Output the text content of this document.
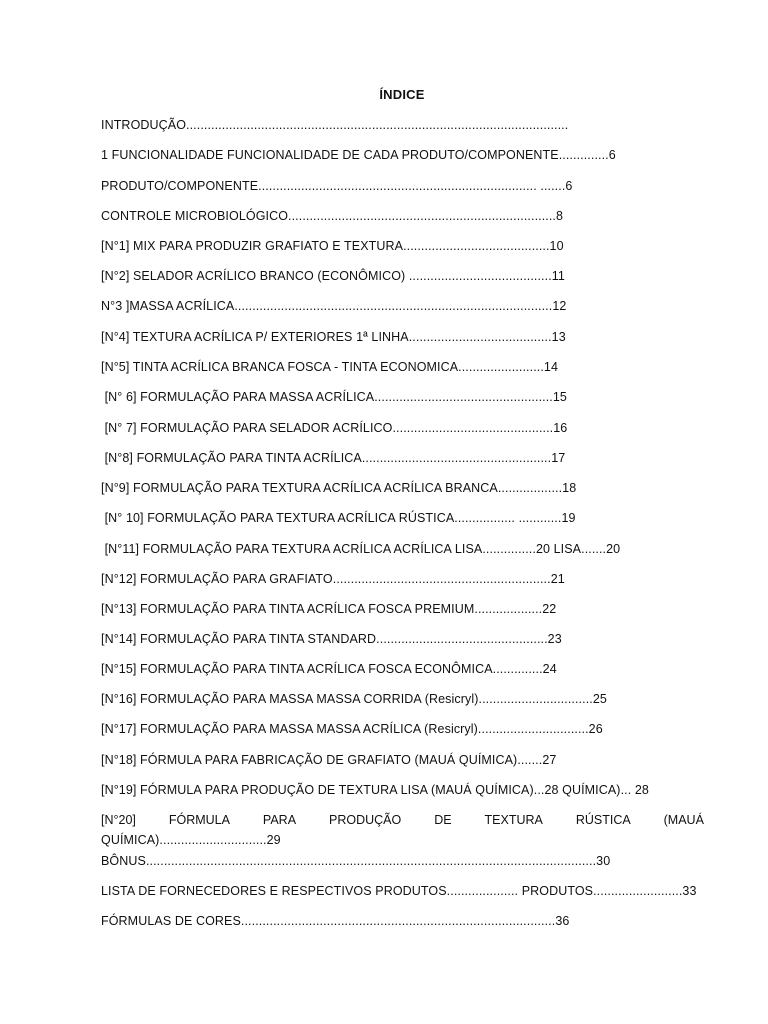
ÍNDICE
INTRODUÇÃO...........................................................................................................
1 FUNCIONALIDADE FUNCIONALIDADE DE CADA PRODUTO/COMPONENTE..............6
PRODUTO/COMPONENTE.............................................................................. .......6
CONTROLE MICROBIOLÓGICO...........................................................................8
[N°1] MIX PARA PRODUZIR GRAFIATO E TEXTURA.........................................10
[N°2] SELADOR ACRÍLICO BRANCO (ECONÔMICO) ........................................11
N°3 ]MASSA ACRÍLICA.........................................................................................12
[N°4] TEXTURA ACRÍLICA P/ EXTERIORES 1ª LINHA........................................13
[N°5] TINTA ACRÍLICA BRANCA FOSCA - TINTA ECONOMICA........................14
[N° 6] FORMULAÇÃO PARA MASSA ACRÍLICA..................................................15
[N° 7] FORMULAÇÃO PARA SELADOR ACRÍLICO.............................................16
[N°8] FORMULAÇÃO PARA TINTA ACRÍLICA.....................................................17
[N°9] FORMULAÇÃO PARA TEXTURA ACRÍLICA ACRÍLICA BRANCA..................18
[N° 10] FORMULAÇÃO PARA TEXTURA ACRÍLICA RÚSTICA................. ............19
[N°11] FORMULAÇÃO PARA TEXTURA ACRÍLICA ACRÍLICA LISA...............20 LISA.......20
[N°12] FORMULAÇÃO PARA GRAFIATO.............................................................21
[N°13] FORMULAÇÃO PARA TINTA ACRÍLICA FOSCA PREMIUM...................22
[N°14] FORMULAÇÃO PARA TINTA STANDARD................................................23
[N°15] FORMULAÇÃO PARA TINTA ACRÍLICA FOSCA ECONÔMICA..............24
[N°16] FORMULAÇÃO PARA MASSA MASSA CORRIDA (Resicryl)................................25
[N°17] FORMULAÇÃO PARA MASSA MASSA ACRÍLICA (Resicryl)...............................26
[N°18] FÓRMULA PARA FABRICAÇÃO DE GRAFIATO (MAUÁ QUÍMICA).......27
[N°19] FÓRMULA PARA PRODUÇÃO DE TEXTURA LISA (MAUÁ QUÍMICA)...28 QUÍMICA)... 28
[N°20]	FÓRMULA	PARA	PRODUÇÃO	DE	TEXTURA	RÚSTICA	(MAUÁ
QUÍMICA)..............................29
BÔNUS..............................................................................................................................30
LISTA DE FORNECEDORES E RESPECTIVOS PRODUTOS.................... PRODUTOS.........................33
FÓRMULAS DE CORES........................................................................................36
